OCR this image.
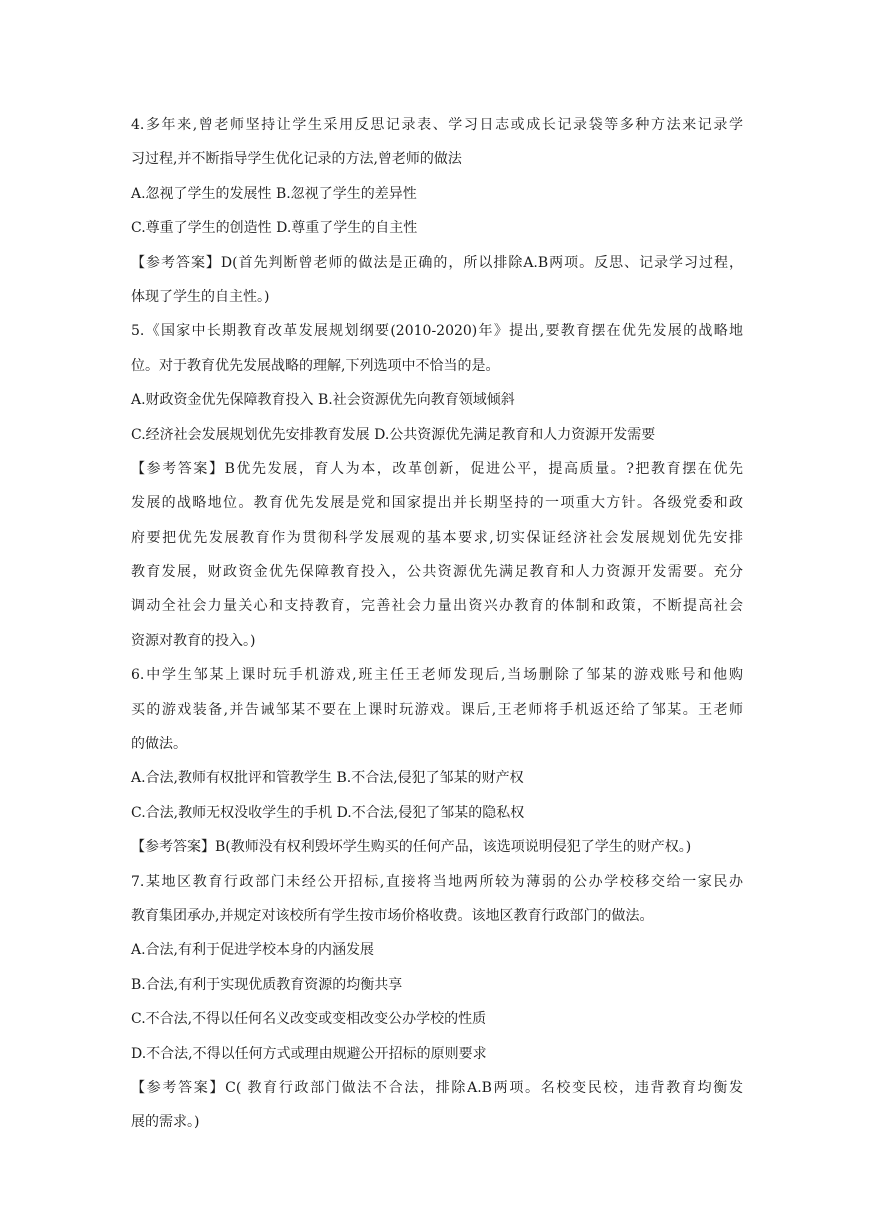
4.多年来,曾老师坚持让学生采用反思记录表、学习日志或成长记录袋等多种方法来记录学
习过程,并不断指导学生优化记录的方法,曾老师的做法
A.忽视了学生的发展性 B.忽视了学生的差异性
C.尊重了学生的创造性 D.尊重了学生的自主性
【参考答案】D(首先判断曾老师的做法是正确的，所以排除A.B两项。反思、记录学习过程，
体现了学生的自主性。)
5.《国家中长期教育改革发展规划纲要(2010-2020)年》提出,要教育摆在优先发展的战略地
位。对于教育优先发展战略的理解,下列选项中不恰当的是。
A.财政资金优先保障教育投入 B.社会资源优先向教育领域倾斜
C.经济社会发展规划优先安排教育发展 D.公共资源优先满足教育和人力资源开发需要
【参考答案】B优先发展，育人为本，改革创新，促进公平，提高质量。?把教育摆在优先
发展的战略地位。教育优先发展是党和国家提出并长期坚持的一项重大方针。各级党委和政
府要把优先发展教育作为贯彻科学发展观的基本要求,切实保证经济社会发展规划优先安排
教育发展，财政资金优先保障教育投入，公共资源优先满足教育和人力资源开发需要。充分
调动全社会力量关心和支持教育，完善社会力量出资兴办教育的体制和政策，不断提高社会
资源对教育的投入。)
6.中学生邹某上课时玩手机游戏,班主任王老师发现后,当场删除了邹某的游戏账号和他购
买的游戏装备,并告诫邹某不要在上课时玩游戏。课后,王老师将手机返还给了邹某。王老师
的做法。
A.合法,教师有权批评和管教学生 B.不合法,侵犯了邹某的财产权
C.合法,教师无权没收学生的手机 D.不合法,侵犯了邹某的隐私权
【参考答案】B(教师没有权利毁坏学生购买的任何产品，该选项说明侵犯了学生的财产权。)
7.某地区教育行政部门未经公开招标,直接将当地两所较为薄弱的公办学校移交给一家民办
教育集团承办,并规定对该校所有学生按市场价格收费。该地区教育行政部门的做法。
A.合法,有利于促进学校本身的内涵发展
B.合法,有利于实现优质教育资源的均衡共享
C.不合法,不得以任何名义改变或变相改变公办学校的性质
D.不合法,不得以任何方式或理由规避公开招标的原则要求
【参考答案】C( 教育行政部门做法不合法，排除A.B两项。名校变民校，违背教育均衡发
展的需求。)
